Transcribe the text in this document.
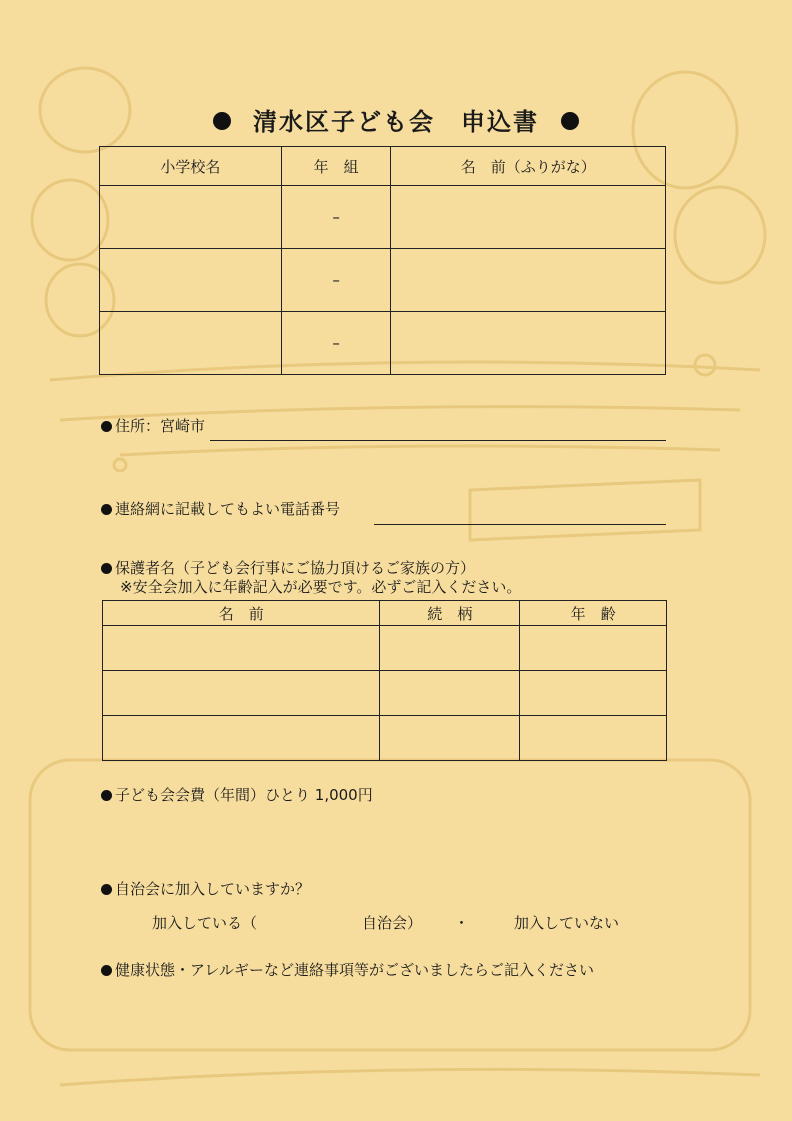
清水区子ども会　申込書
小学校名	年　組	名　前（ふりがな）
	–	
	–	
	–	
住所：宮崎市
連絡網に記載してもよい電話番号
保護者名（子ども会行事にご協力頂けるご家族の方）
※安全会加入に年齢記入が必要です。必ずご記入ください。
名　前	続　柄	年　齢

子ども会会費（年間）ひとり 1,000円
自治会に加入していますか？
加入している（	自治会） ・	加入していない
健康状態・アレルギーなど連絡事項等がございましたらご記入ください
